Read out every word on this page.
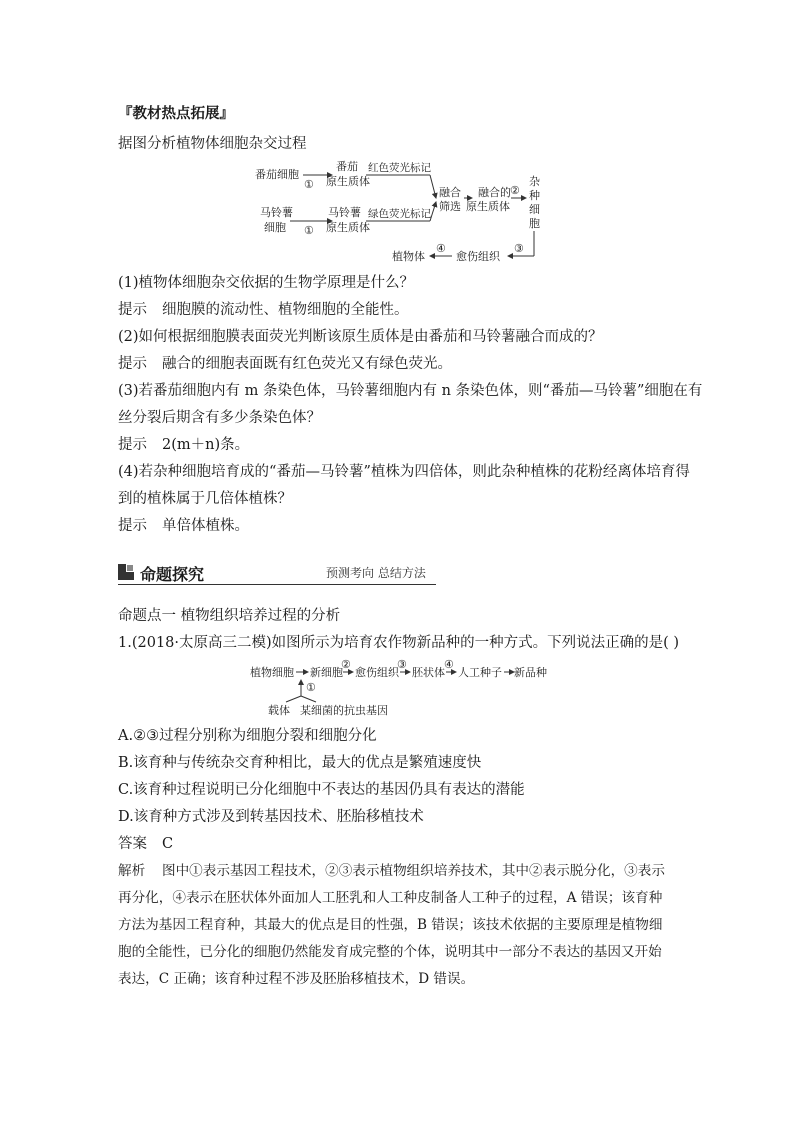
『教材热点拓展』
据图分析植物体细胞杂交过程
番茄细胞
①
番茄
原生质体
红色荧光标记
马铃薯
细胞 ①
马铃薯
原生质体
绿色荧光标记
融合
筛选
融合的
原生质体
②
杂
种
细
胞
③
愈伤组织
④
植物体
(1)植物体细胞杂交依据的生物学原理是什么？
提示 细胞膜的流动性、植物细胞的全能性。
(2)如何根据细胞膜表面荧光判断该原生质体是由番茄和马铃薯融合而成的？
提示 融合的细胞表面既有红色荧光又有绿色荧光。
(3)若番茄细胞内有 m 条染色体，马铃薯细胞内有 n 条染色体，则“番茄—马铃薯”细胞在有
丝分裂后期含有多少条染色体？
提示 2(m＋n)条。
(4)若杂种细胞培育成的“番茄—马铃薯”植株为四倍体，则此杂种植株的花粉经离体培育得
到的植株属于几倍体植株？
提示 单倍体植株。
命题探究	预测考向 总结方法
命题点一 植物组织培养过程的分析
1.(2018·太原高三二模)如图所示为培育农作物新品种的一种方式。下列说法正确的是( )
植物细胞 新细胞
②
愈伤组织
③
胚状体
④
人工种子 新品种
①
载体 某细菌的抗虫基因
A.②③过程分别称为细胞分裂和细胞分化
B.该育种与传统杂交育种相比，最大的优点是繁殖速度快
C.该育种过程说明已分化细胞中不表达的基因仍具有表达的潜能
D.该育种方式涉及到转基因技术、胚胎移植技术
答案 C
解析 图中①表示基因工程技术，②③表示植物组织培养技术，其中②表示脱分化，③表示
再分化，④表示在胚状体外面加人工胚乳和人工种皮制备人工种子的过程，A 错误；该育种
方法为基因工程育种，其最大的优点是目的性强，B 错误；该技术依据的主要原理是植物细
胞的全能性，已分化的细胞仍然能发育成完整的个体，说明其中一部分不表达的基因又开始
表达，C 正确；该育种过程不涉及胚胎移植技术，D 错误。
